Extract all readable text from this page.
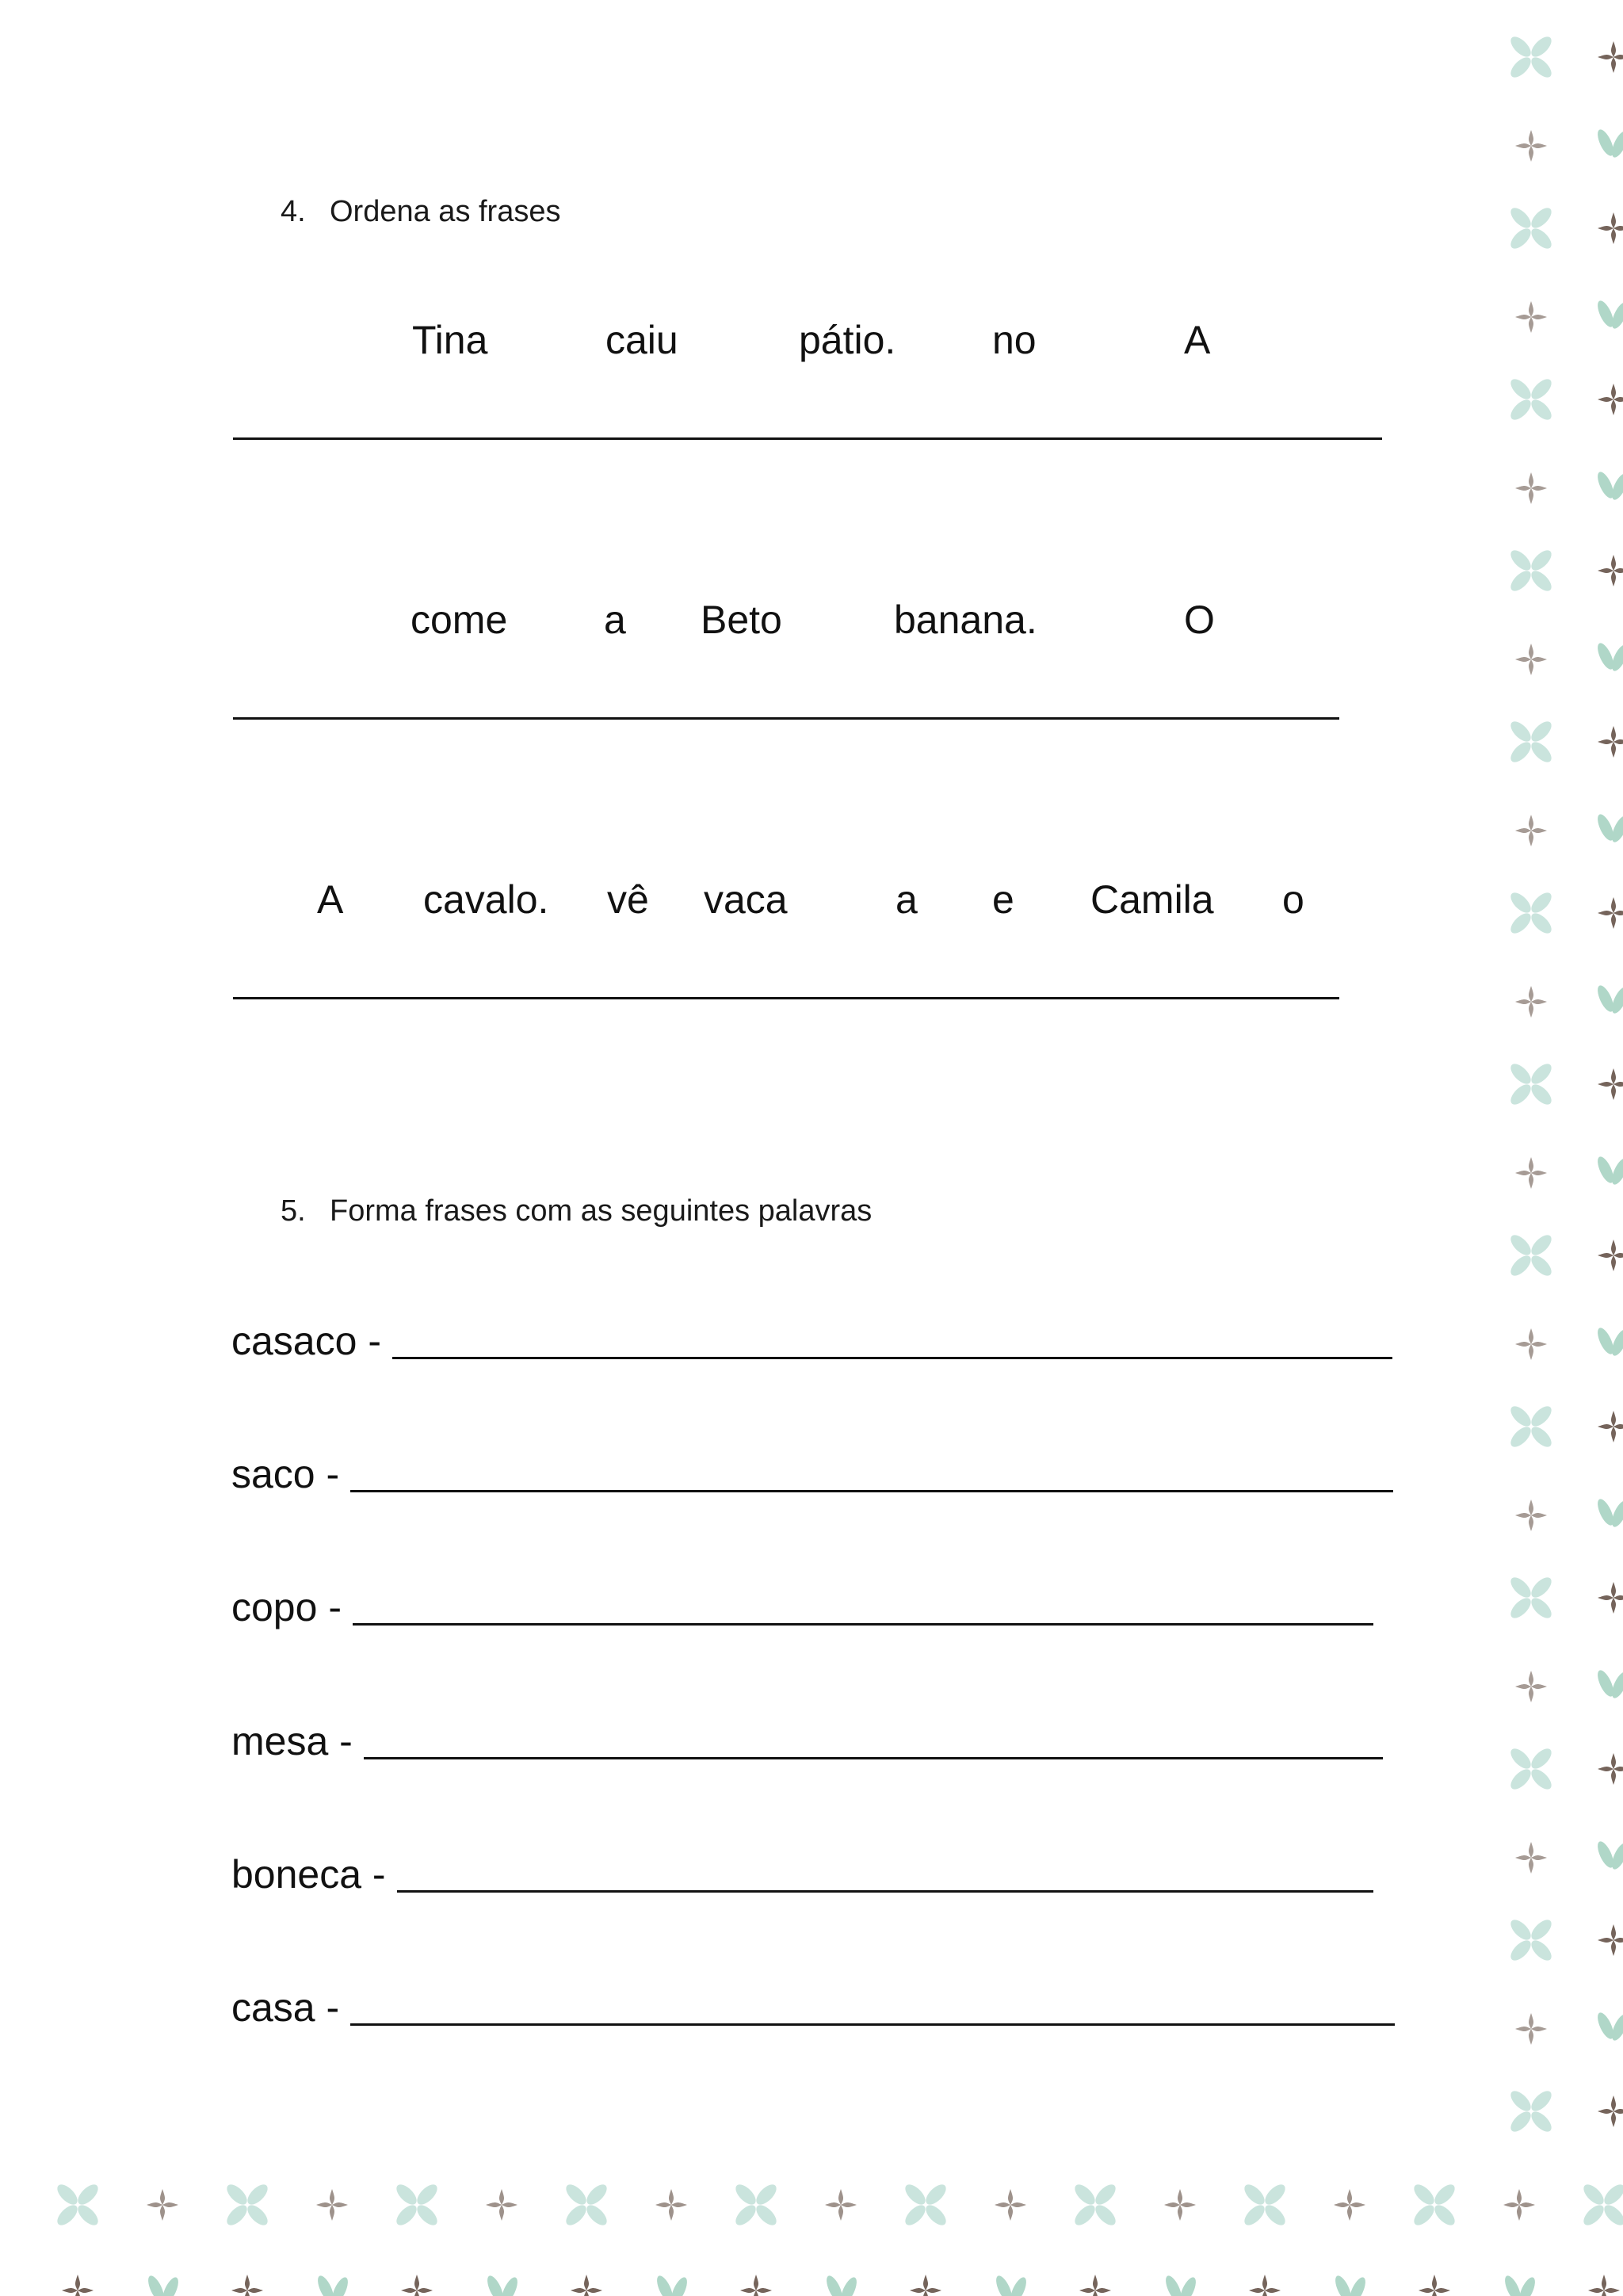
4. Ordena as frases
Tina	caiu	pátio. no	A
come a Beto	banana.	O
A cavalo. vê vaca	a e Camila o
5. Forma frases com as seguintes palavras
casaco -
saco -
copo -
mesa -
boneca -
casa -
